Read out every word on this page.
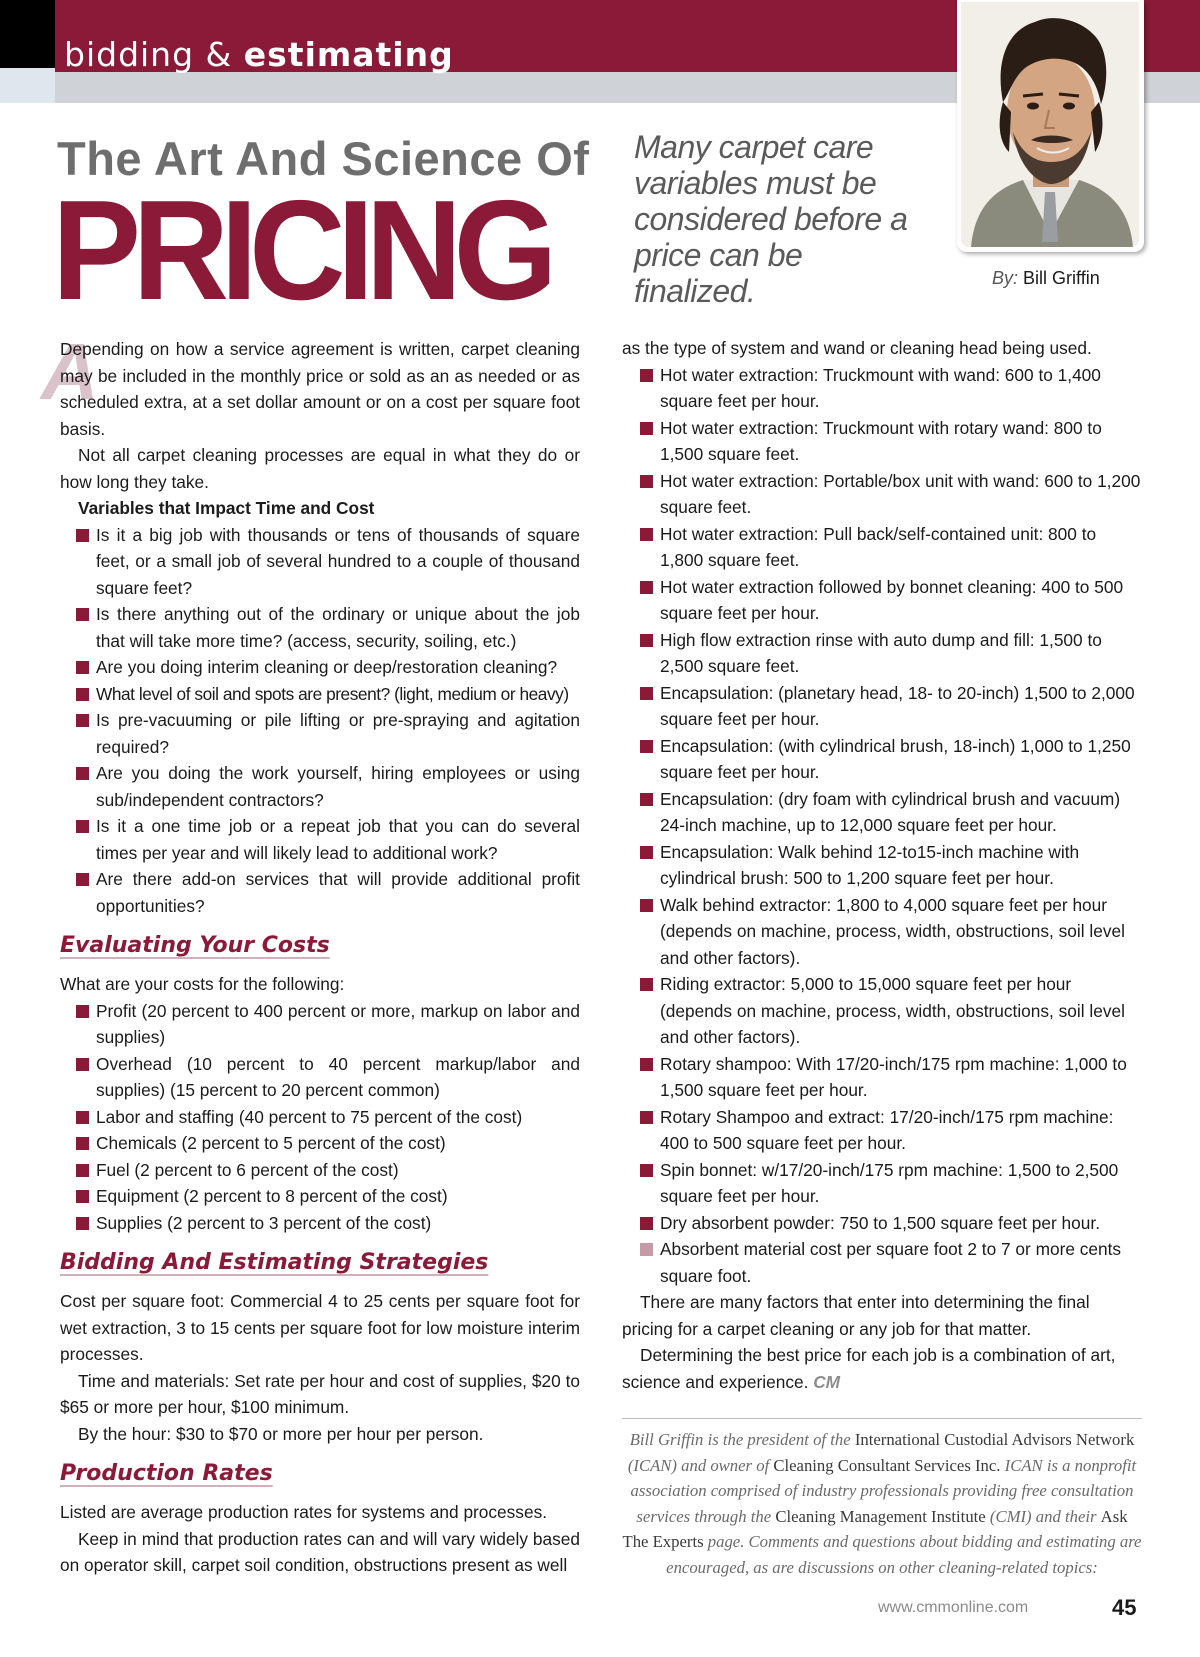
bidding & estimating
By: Bill Griffin
The Art And Science Of
PRICING
Many carpet care variables must be considered before a price can be finalized.
A

Depending on how a service agreement is written, carpet cleaning may be included in the monthly price or sold as an as needed or as scheduled extra, at a set dollar amount or on a cost per square foot basis.

Not all carpet cleaning processes are equal in what they do or how long they take.

Variables that Impact Time and Cost

Is it a big job with thousands or tens of thousands of square feet, or a small job of several hundred to a couple of thousand square feet?
Is there anything out of the ordinary or unique about the job that will take more time? (access, security, soiling, etc.)
Are you doing interim cleaning or deep/restoration cleaning?
What level of soil and spots are present? (light, medium or heavy)
Is pre-vacuuming or pile lifting or pre-spraying and agitation required?
Are you doing the work yourself, hiring employees or using sub/independent contractors?
Is it a one time job or a repeat job that you can do several times per year and will likely lead to additional work?
Are there add-on services that will provide additional profit opportunities?
Evaluating Your Costs

What are your costs for the following:

Profit (20 percent to 400 percent or more, markup on labor and supplies)
Overhead (10 percent to 40 percent markup/labor and supplies) (15 percent to 20 percent common)
Labor and staffing (40 percent to 75 percent of the cost)
Chemicals (2 percent to 5 percent of the cost)
Fuel (2 percent to 6 percent of the cost)
Equipment (2 percent to 8 percent of the cost)
Supplies (2 percent to 3 percent of the cost)
Bidding And Estimating Strategies

Cost per square foot: Commercial 4 to 25 cents per square foot for wet extraction, 3 to 15 cents per square foot for low moisture interim processes.

Time and materials: Set rate per hour and cost of supplies, $20 to $65 or more per hour, $100 minimum.

By the hour: $30 to $70 or more per hour per person.

Production Rates

Listed are average production rates for systems and processes.

Keep in mind that production rates can and will vary widely based on operator skill, carpet soil condition, obstructions present as well

as the type of system and wand or cleaning head being used.

Hot water extraction: Truckmount with wand: 600 to 1,400 square feet per hour.
Hot water extraction: Truckmount with rotary wand: 800 to 1,500 square feet.
Hot water extraction: Portable/box unit with wand: 600 to 1,200 square feet.
Hot water extraction: Pull back/self-contained unit: 800 to 1,800 square feet.
Hot water extraction followed by bonnet cleaning: 400 to 500 square feet per hour.
High flow extraction rinse with auto dump and fill: 1,500 to 2,500 square feet.
Encapsulation: (planetary head, 18- to 20-inch) 1,500 to 2,000 square feet per hour.
Encapsulation: (with cylindrical brush, 18-inch) 1,000 to 1,250 square feet per hour.
Encapsulation: (dry foam with cylindrical brush and vacuum) 24-inch machine, up to 12,000 square feet per hour.
Encapsulation: Walk behind 12-to15-inch machine with cylindrical brush: 500 to 1,200 square feet per hour.
Walk behind extractor: 1,800 to 4,000 square feet per hour (depends on machine, process, width, obstructions, soil level and other factors).
Riding extractor: 5,000 to 15,000 square feet per hour (depends on machine, process, width, obstructions, soil level and other factors).
Rotary shampoo: With 17/20-inch/175 rpm machine: 1,000 to 1,500 square feet per hour.
Rotary Shampoo and extract: 17/20-inch/175 rpm machine: 400 to 500 square feet per hour.
Spin bonnet: w/17/20-inch/175 rpm machine: 1,500 to 2,500 square feet per hour.
Dry absorbent powder: 750 to 1,500 square feet per hour.
Absorbent material cost per square foot 2 to 7 or more cents square foot.

There are many factors that enter into determining the final pricing for a carpet cleaning or any job for that matter.

Determining the best price for each job is a combination of art, science and experience. CM

Bill Griffin is the president of the International Custodial Advisors Network (ICAN) and owner of Cleaning Consultant Services Inc. ICAN is a nonprofit association comprised of industry professionals providing free consultation services through the Cleaning Management Institute (CMI) and their Ask The Experts page. Comments and questions about bidding and estimating are encouraged, as are discussions on other cleaning-related topics:
www.cmmonline.com	45
